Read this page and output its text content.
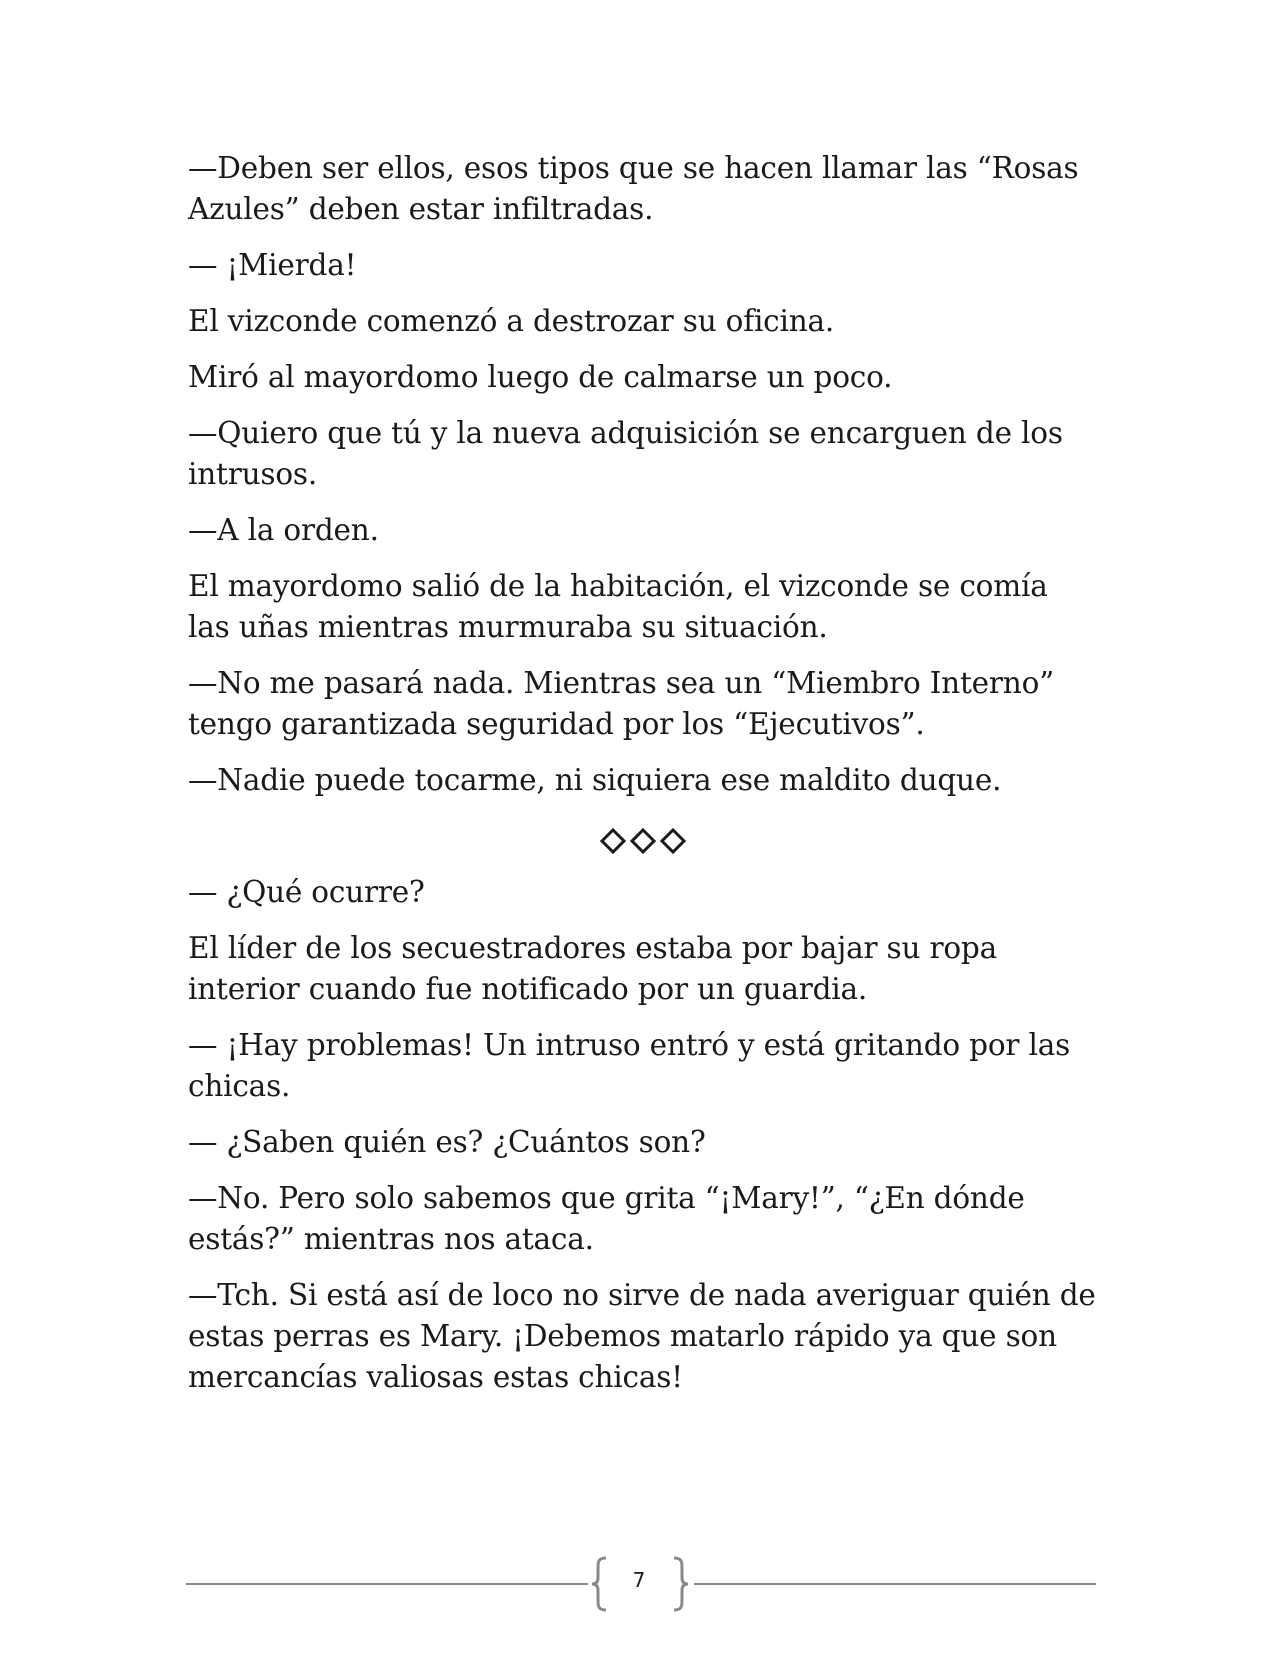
—Deben ser ellos, esos tipos que se hacen llamar las “Rosas Azules” deben estar infiltradas.

— ¡Mierda!

El vizconde comenzó a destrozar su oficina.

Miró al mayordomo luego de calmarse un poco.

—Quiero que tú y la nueva adquisición se encarguen de los intrusos.

—A la orden.

El mayordomo salió de la habitación, el vizconde se comía las uñas mientras murmuraba su situación.

—No me pasará nada. Mientras sea un “Miembro Interno” tengo garantizada seguridad por los “Ejecutivos”.

—Nadie puede tocarme, ni siquiera ese maldito duque.

— ¿Qué ocurre?

El líder de los secuestradores estaba por bajar su ropa interior cuando fue notificado por un guardia.

— ¡Hay problemas! Un intruso entró y está gritando por las chicas.

— ¿Saben quién es? ¿Cuántos son?

—No. Pero solo sabemos que grita “¡Mary!”, “¿En dónde estás?” mientras nos ataca.

—Tch. Si está así de loco no sirve de nada averiguar quién de estas perras es Mary. ¡Debemos matarlo rápido ya que son mercancías valiosas estas chicas!

7
